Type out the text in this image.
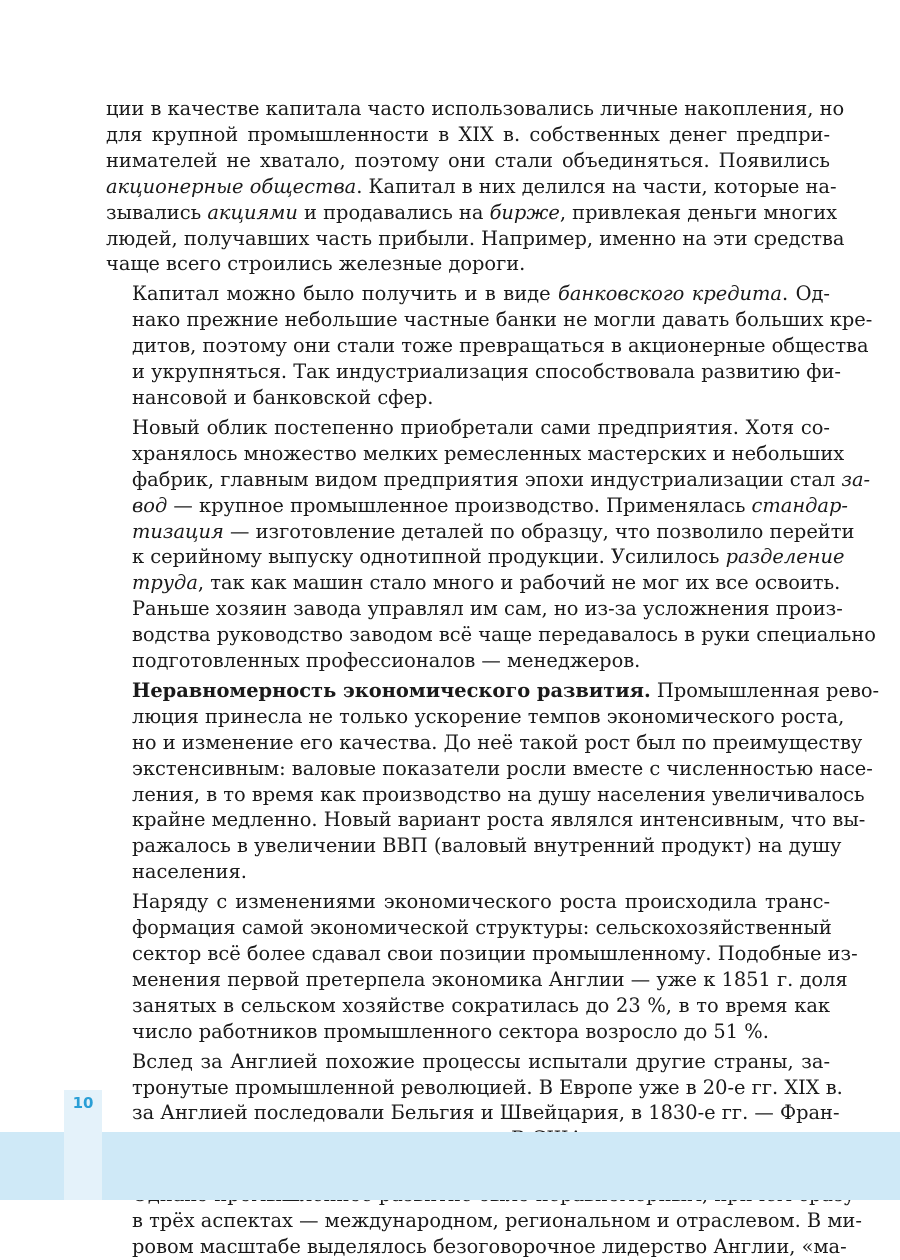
ции в качестве капитала часто использовались личные накопления, но
для крупной промышленности в XIX в. собственных денег предпри-
нимателей не хватало, поэтому они стали объединяться. Появились
акционерные общества. Капитал в них делился на части, которые на-
зывались акциями и продавались на бирже, привлекая деньги многих
людей, получавших часть прибыли. Например, именно на эти средства
чаще всего строились железные дороги.
Капитал можно было получить и в виде банковского кредита. Од-
нако прежние небольшие частные банки не могли давать больших кре-
дитов, поэтому они стали тоже превращаться в акционерные общества
и укрупняться. Так индустриализация способствовала развитию фи-
нансовой и банковской сфер.
Новый облик постепенно приобретали сами предприятия. Хотя со-
хранялось множество мелких ремесленных мастерских и небольших
фабрик, главным видом предприятия эпохи индустриализации стал за-
вод — крупное промышленное производство. Применялась стандар-
тизация — изготовление деталей по образцу, что позволило перейти
к серийному выпуску однотипной продукции. Усилилось разделение
труда, так как машин стало много и рабочий не мог их все освоить.
Раньше хозяин завода управлял им сам, но из-за усложнения произ-
водства руководство заводом всё чаще передавалось в руки специально
подготовленных профессионалов — менеджеров.
Неравномерность экономического развития. Промышленная рево-
люция принесла не только ускорение темпов экономического роста,
но и изменение его качества. До неё такой рост был по преимуществу
экстенсивным: валовые показатели росли вместе с численностью насе-
ления, в то время как производство на душу населения увеличивалось
крайне медленно. Новый вариант роста являлся интенсивным, что вы-
ражалось в увеличении ВВП (валовый внутренний продукт) на душу
населения.
Наряду с изменениями экономического роста происходила транс-
формация самой экономической структуры: сельскохозяйственный
сектор всё более сдавал свои позиции промышленному. Подобные из-
менения первой претерпела экономика Англии — уже к 1851 г. доля
занятых в сельском хозяйстве сократилась до 23 %, в то время как
число работников промышленного сектора возросло до 51 %.
Вслед за Англией похожие процессы испытали другие страны, за-
тронутые промышленной революцией. В Европе уже в 20-е гг. XIX в.
за Англией последовали Бельгия и Швейцария, в 1830-е гг. — Фран-
в трёх аспектах — международном, региональном и отраслевом. В ми-
ровом масштабе выделялось безоговорочное лидерство Англии, «ма-
10
